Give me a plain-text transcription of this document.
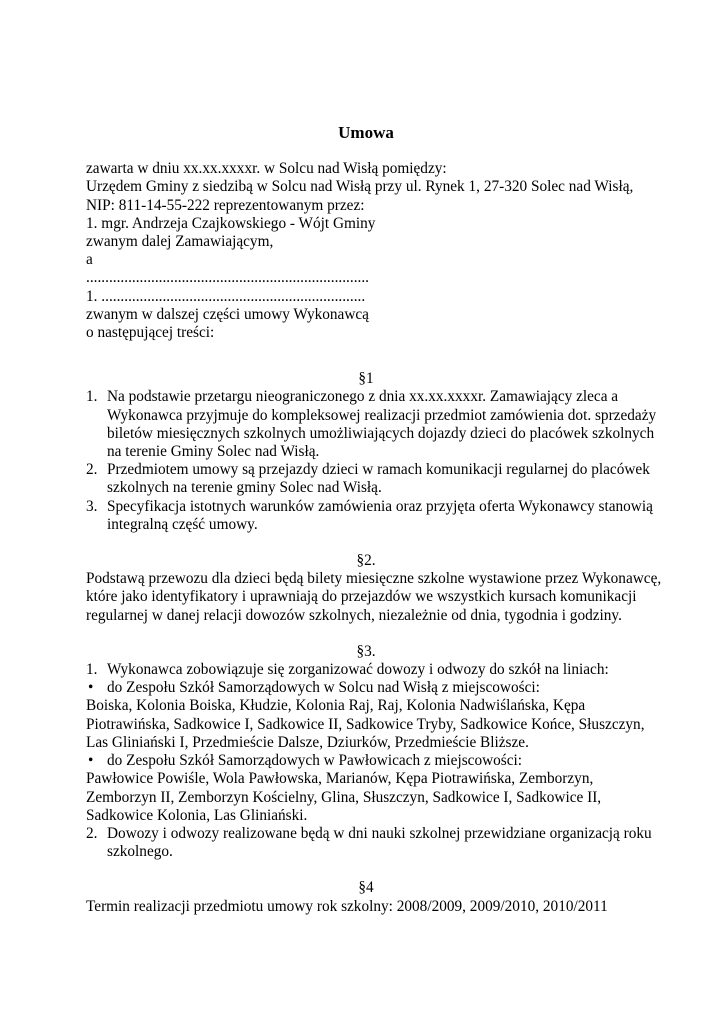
Umowa

zawarta w dniu xx.xx.xxxxr. w Solcu nad Wisłą pomiędzy:

Urzędem Gminy z siedzibą w Solcu nad Wisłą przy ul. Rynek 1, 27-320 Solec nad Wisłą,

NIP: 811-14-55-222 reprezentowanym przez:

1. mgr. Andrzeja Czajkowskiego - Wójt Gminy

zwanym dalej Zamawiającym,

a

..........................................................................

1. .....................................................................

zwanym w dalszej części umowy Wykonawcą

o następującej treści:

§1

1. Na podstawie przetargu nieograniczonego z dnia xx.xx.xxxxr. Zamawiający zleca a

Wykonawca przyjmuje do kompleksowej realizacji przedmiot zamówienia dot. sprzedaży

biletów miesięcznych szkolnych umożliwiających dojazdy dzieci do placówek szkolnych

na terenie Gminy Solec nad Wisłą.

2. Przedmiotem umowy są przejazdy dzieci w ramach komunikacji regularnej do placówek

szkolnych na terenie gminy Solec nad Wisłą.

3. Specyfikacja istotnych warunków zamówienia oraz przyjęta oferta Wykonawcy stanowią

integralną część umowy.

§2.

Podstawą przewozu dla dzieci będą bilety miesięczne szkolne wystawione przez Wykonawcę,

które jako identyfikatory i uprawniają do przejazdów we wszystkich kursach komunikacji

regularnej w danej relacji dowozów szkolnych, niezależnie od dnia, tygodnia i godziny.

§3.

1. Wykonawca zobowiązuje się zorganizować dowozy i odwozy do szkół na liniach:

• do Zespołu Szkół Samorządowych w Solcu nad Wisłą z miejscowości:

Boiska, Kolonia Boiska, Kłudzie, Kolonia Raj, Raj, Kolonia Nadwiślańska, Kępa

Piotrawińska, Sadkowice I, Sadkowice II, Sadkowice Tryby, Sadkowice Końce, Słuszczyn,

Las Gliniański I, Przedmieście Dalsze, Dziurków, Przedmieście Bliższe.

• do Zespołu Szkół Samorządowych w Pawłowicach z miejscowości:

Pawłowice Powiśle, Wola Pawłowska, Marianów, Kępa Piotrawińska, Zemborzyn,

Zemborzyn II, Zemborzyn Kościelny, Glina, Słuszczyn, Sadkowice I, Sadkowice II,

Sadkowice Kolonia, Las Gliniański.

2. Dowozy i odwozy realizowane będą w dni nauki szkolnej przewidziane organizacją roku

szkolnego.

§4

Termin realizacji przedmiotu umowy rok szkolny: 2008/2009, 2009/2010, 2010/2011
